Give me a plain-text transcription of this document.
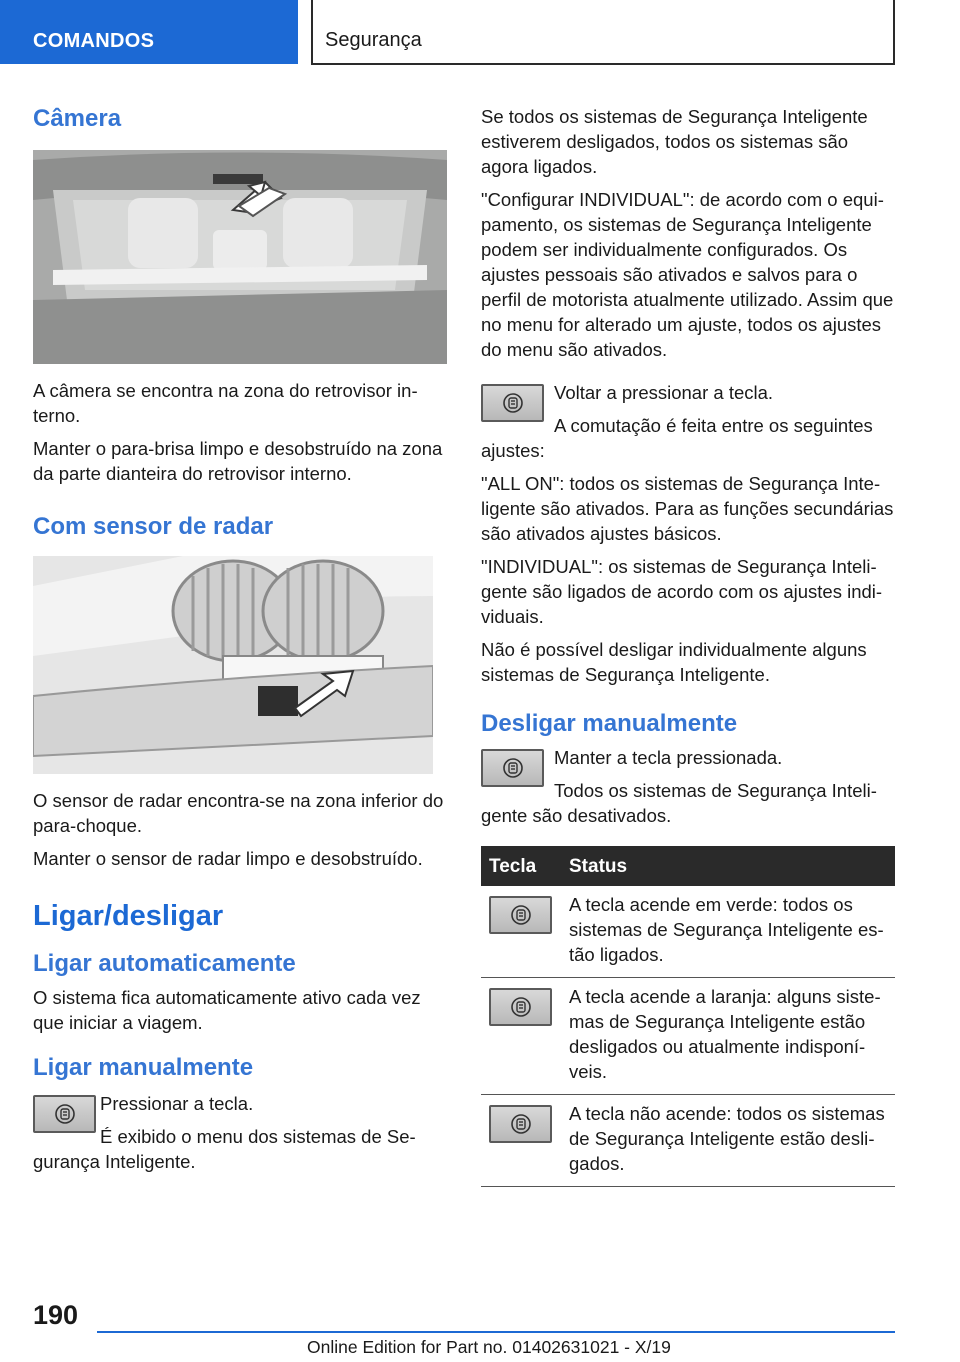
COMANDOS	Segurança
Câmera

A câmera se encontra na zona do retrovisor interno.

Manter o para-brisa limpo e desobstruído na zona da parte dianteira do retrovisor interno.

Com sensor de radar

O sensor de radar encontra-se na zona inferior do para-choque.

Manter o sensor de radar limpo e desobstruído.

Ligar/desligar
Ligar automaticamente

O sistema fica automaticamente ativo cada vez que iniciar a viagem.

Ligar manualmente

Pressionar a tecla.

É exibido o menu dos sistemas de Segurança Inteligente.

Se todos os sistemas de Segurança Inteligente estiverem desligados, todos os sistemas são agora ligados.

"Configurar INDIVIDUAL": de acordo com o equipamento, os sistemas de Segurança Inteligente podem ser individualmente configurados. Os ajustes pessoais são ativados e salvos para o perfil de motorista atualmente utilizado. Assim que no menu for alterado um ajuste, todos os ajustes do menu são ativados.

Voltar a pressionar a tecla.

A comutação é feita entre os seguintes ajustes:

"ALL ON": todos os sistemas de Segurança Inteligente são ativados. Para as funções secundárias são ativados ajustes básicos.

"INDIVIDUAL": os sistemas de Segurança Inteligente são ligados de acordo com os ajustes individuais.

Não é possível desligar individualmente alguns sistemas de Segurança Inteligente.

Desligar manualmente

Manter a tecla pressionada.

Todos os sistemas de Segurança Inteligente são desativados.

Tecla	Status

	A tecla acende em verde: todos os sistemas de Segurança Inteligente estão ligados.

	A tecla acende a laranja: alguns sistemas de Segurança Inteligente estão desligados ou atualmente indisponíveis.

	A tecla não acende: todos os sistemas de Segurança Inteligente estão desligados.
190
Online Edition for Part no. 01402631021 - X/19
